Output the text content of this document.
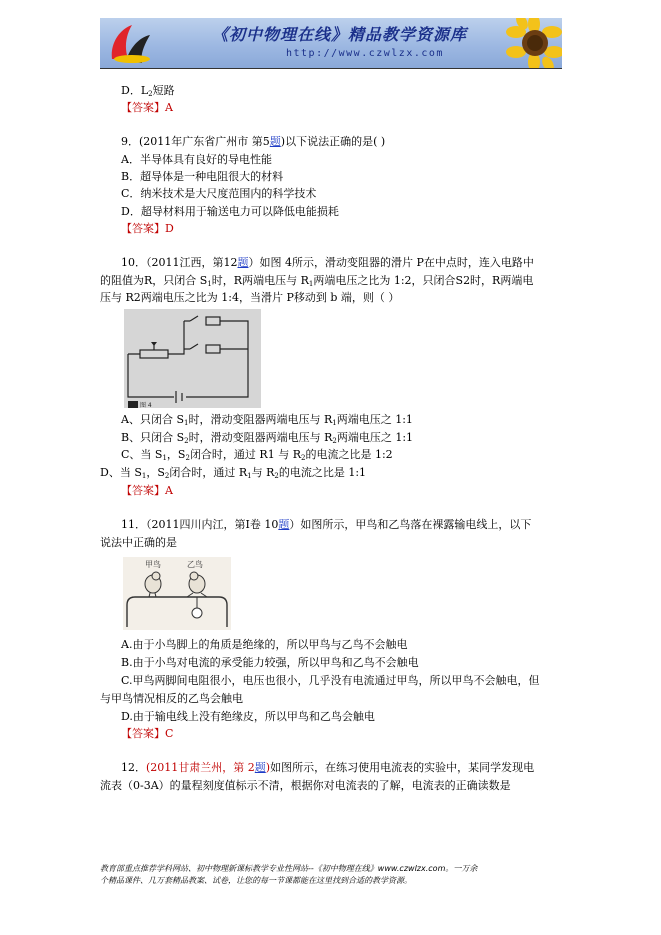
《初中物理在线》精品教学资源库
http://www.czwlzx.com
D．$L_2$短路
【答案】A
9．(2011年广东省广州市 第5题)以下说法正确的是( )
A．半导体具有良好的导电性能
B．超导体是一种电阻很大的材料
C．纳米技术是大尺度范围内的科学技术
D．超导材料用于输送电力可以降低电能损耗
【答案】D
10．（2011江西，第12题）如图 4所示，滑动变阻器的滑片 P在中点时，连入电路中
的阻值为R，只闭合 $S_1$时，R两端电压与 $R_1$两端电压之比为 1:2，只闭合S2时，R两端电
压与 R2两端电压之比为 1:4，当滑片 P移动到 b 端，则（ ）
图 4
A、只闭合 $S_1$时，滑动变阻器两端电压与 $R_1$两端电压之 1:1
B、只闭合 $S_2$时，滑动变阻器两端电压与 $R_2$两端电压之 1:1
C、当 $S_1$，$S_2$闭合时，通过 R1 与 $R_2$的电流之比是 1:2
D、当 $S_1$，$S_2$闭合时，通过 $R_1$与 $R_2$的电流之比是 1:1
【答案】A
11．（2011四川内江，第Ⅰ卷 10题）如图所示，甲鸟和乙鸟落在裸露输电线上，以下
说法中正确的是
甲鸟	乙鸟
A.由于小鸟脚上的角质是绝缘的，所以甲鸟与乙鸟不会触电
B.由于小鸟对电流的承受能力较强，所以甲鸟和乙鸟不会触电
C.甲鸟两脚间电阻很小，电压也很小，几乎没有电流通过甲鸟，所以甲鸟不会触电，但
与甲鸟情况相反的乙鸟会触电
D.由于输电线上没有绝缘皮，所以甲鸟和乙鸟会触电
【答案】C
12．(2011甘肃兰州，第 2题)如图所示，在练习使用电流表的实验中，某同学发现电
流表（0-3A）的量程刻度值标示不清，根据你对电流表的了解，电流表的正确读数是
教育部重点推荐学科网站、初中物理新课标教学专业性网站--《初中物理在线》www.czwlzx.com。一万余
个精品课件、几万套精品教案、试卷，让您的每一节课都能在这里找到合适的教学资源。
